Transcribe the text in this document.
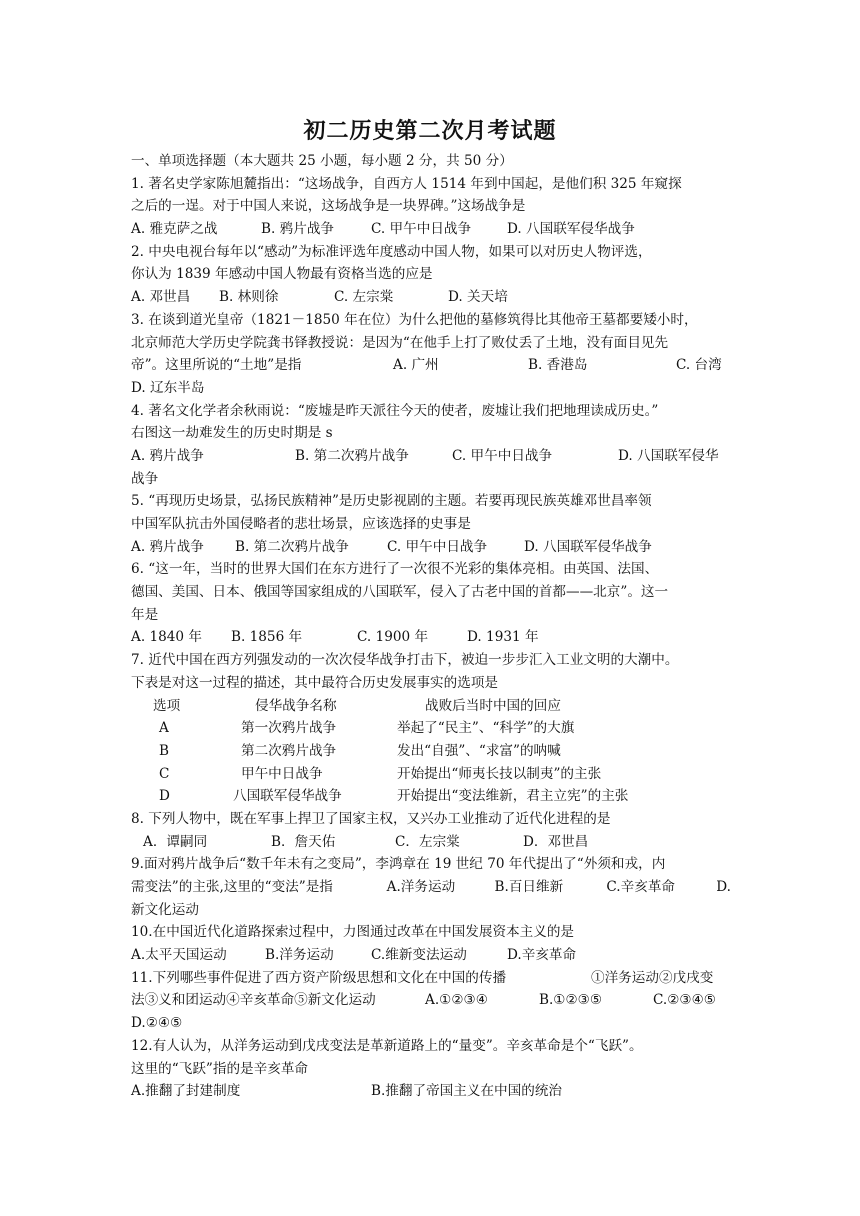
初二历史第二次月考试题
一、单项选择题（本大题共 25 小题，每小题 2 分，共 50 分）
1. 著名史学家陈旭麓指出：“这场战争，自西方人 1514 年到中国起，是他们积 325 年窥探
之后的一逞。对于中国人来说，这场战争是一块界碑。”这场战争是
A. 雅克萨之战	B. 鸦片战争	C. 甲午中日战争	D. 八国联军侵华战争
2. 中央电视台每年以“感动”为标准评选年度感动中国人物，如果可以对历史人物评选，
你认为 1839 年感动中国人物最有资格当选的应是
A. 邓世昌	B. 林则徐	C. 左宗棠	D. 关天培
3. 在谈到道光皇帝（1821－1850 年在位）为什么把他的墓修筑得比其他帝王墓都要矮小时，
北京师范大学历史学院龚书铎教授说：是因为“在他手上打了败仗丢了土地，没有面目见先
帝”。这里所说的“土地”是指	A. 广州	B. 香港岛	C. 台湾
D. 辽东半岛
4. 著名文化学者余秋雨说：“废墟是昨天派往今天的使者，废墟让我们把地理读成历史。”
右图这一劫难发生的历史时期是 s
A. 鸦片战争	B. 第二次鸦片战争	C. 甲午中日战争	D. 八国联军侵华
战争
5. “再现历史场景，弘扬民族精神”是历史影视剧的主题。若要再现民族英雄邓世昌率领
中国军队抗击外国侵略者的悲壮场景，应该选择的史事是
A. 鸦片战争	B. 第二次鸦片战争	C. 甲午中日战争	D. 八国联军侵华战争
6. “这一年，当时的世界大国们在东方进行了一次很不光彩的集体亮相。由英国、法国、
德国、美国、日本、俄国等国家组成的八国联军，侵入了古老中国的首都——北京”。这一
年是
A. 1840 年	B. 1856 年	C. 1900 年	D. 1931 年
7. 近代中国在西方列强发动的一次次侵华战争打击下，被迫一步步汇入工业文明的大潮中。
下表是对这一过程的描述，其中最符合历史发展事实的选项是
选项	侵华战争名称	战败后当时中国的回应
A	第一次鸦片战争	举起了“民主”、“科学”的大旗
B	第二次鸦片战争	发出“自强”、“求富”的呐喊
C	甲午中日战争	开始提出“师夷长技以制夷”的主张
D	八国联军侵华战争	开始提出“变法维新，君主立宪”的主张
8. 下列人物中，既在军事上捍卫了国家主权，又兴办工业推动了近代化进程的是
A．谭嗣同	B．詹天佑	C．左宗棠	D．邓世昌
9.面对鸦片战争后“数千年未有之变局”，李鸿章在 19 世纪 70 年代提出了“外须和戎，内
需变法”的主张,这里的“变法”是指	A.洋务运动	B.百日维新	C.辛亥革命	D.
新文化运动
10.在中国近代化道路探索过程中，力图通过改革在中国发展资本主义的是
A.太平天国运动	B.洋务运动	C.维新变法运动	D.辛亥革命
11.下列哪些事件促进了西方资产阶级思想和文化在中国的传播	①洋务运动②戊戌变
法③义和团运动④辛亥革命⑤新文化运动	A.①②③④	B.①②③⑤	C.②③④⑤
D.②④⑤
12.有人认为，从洋务运动到戊戌变法是革新道路上的“量变”。辛亥革命是个“飞跃”。
这里的“飞跃”指的是辛亥革命
A.推翻了封建制度	B.推翻了帝国主义在中国的统治
